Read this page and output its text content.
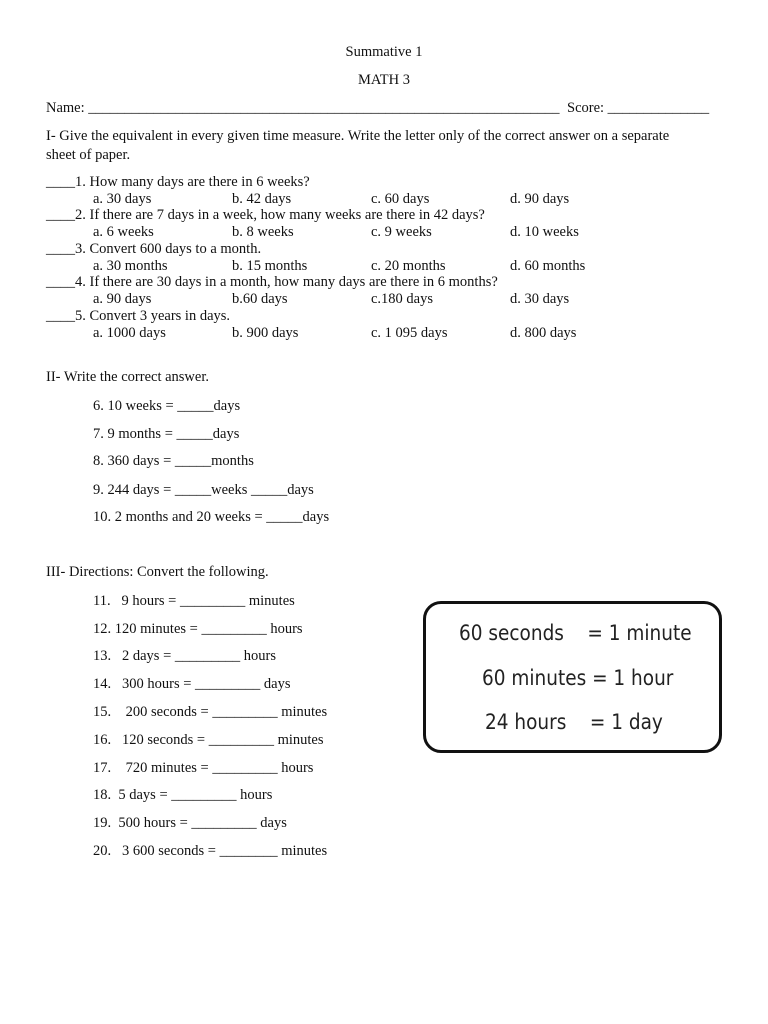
Summative 1
MATH 3
Name: _________________________________________________________________ Score: ______________
I- Give the equivalent in every given time measure. Write the letter only of the correct answer on a separate
sheet of paper.
____1. How many days are there in 6 weeks?
a. 30 days	b. 42 days	c. 60 days	d. 90 days
____2. If there are 7 days in a week, how many weeks are there in 42 days?
a. 6 weeks	b. 8 weeks	c. 9 weeks	d. 10 weeks
____3. Convert 600 days to a month.
a. 30 months	b. 15 months	c. 20 months	d. 60 months
____4. If there are 30 days in a month, how many days are there in 6 months?
a. 90 days	b.60 days	c.180 days	d. 30 days
____5. Convert 3 years in days.
a. 1000 days	b. 900 days	c. 1 095 days	d. 800 days
II- Write the correct answer.
6. 10 weeks = _____days
7. 9 months = _____days
8. 360 days = _____months
9. 244 days = _____weeks _____days
10. 2 months and 20 weeks = _____days
III- Directions: Convert the following.
11.   9 hours = _________ minutes
12. 120 minutes = _________ hours
13.   2 days = _________ hours
14.   300 hours = _________ days
15.    200 seconds = _________ minutes
16.   120 seconds = _________ minutes
17.    720 minutes = _________ hours
18.  5 days = _________ hours
19.  500 hours = _________ days
20.   3 600 seconds = ________ minutes
60 seconds    = 1 minute
60 minutes = 1 hour
24 hours    = 1 day
